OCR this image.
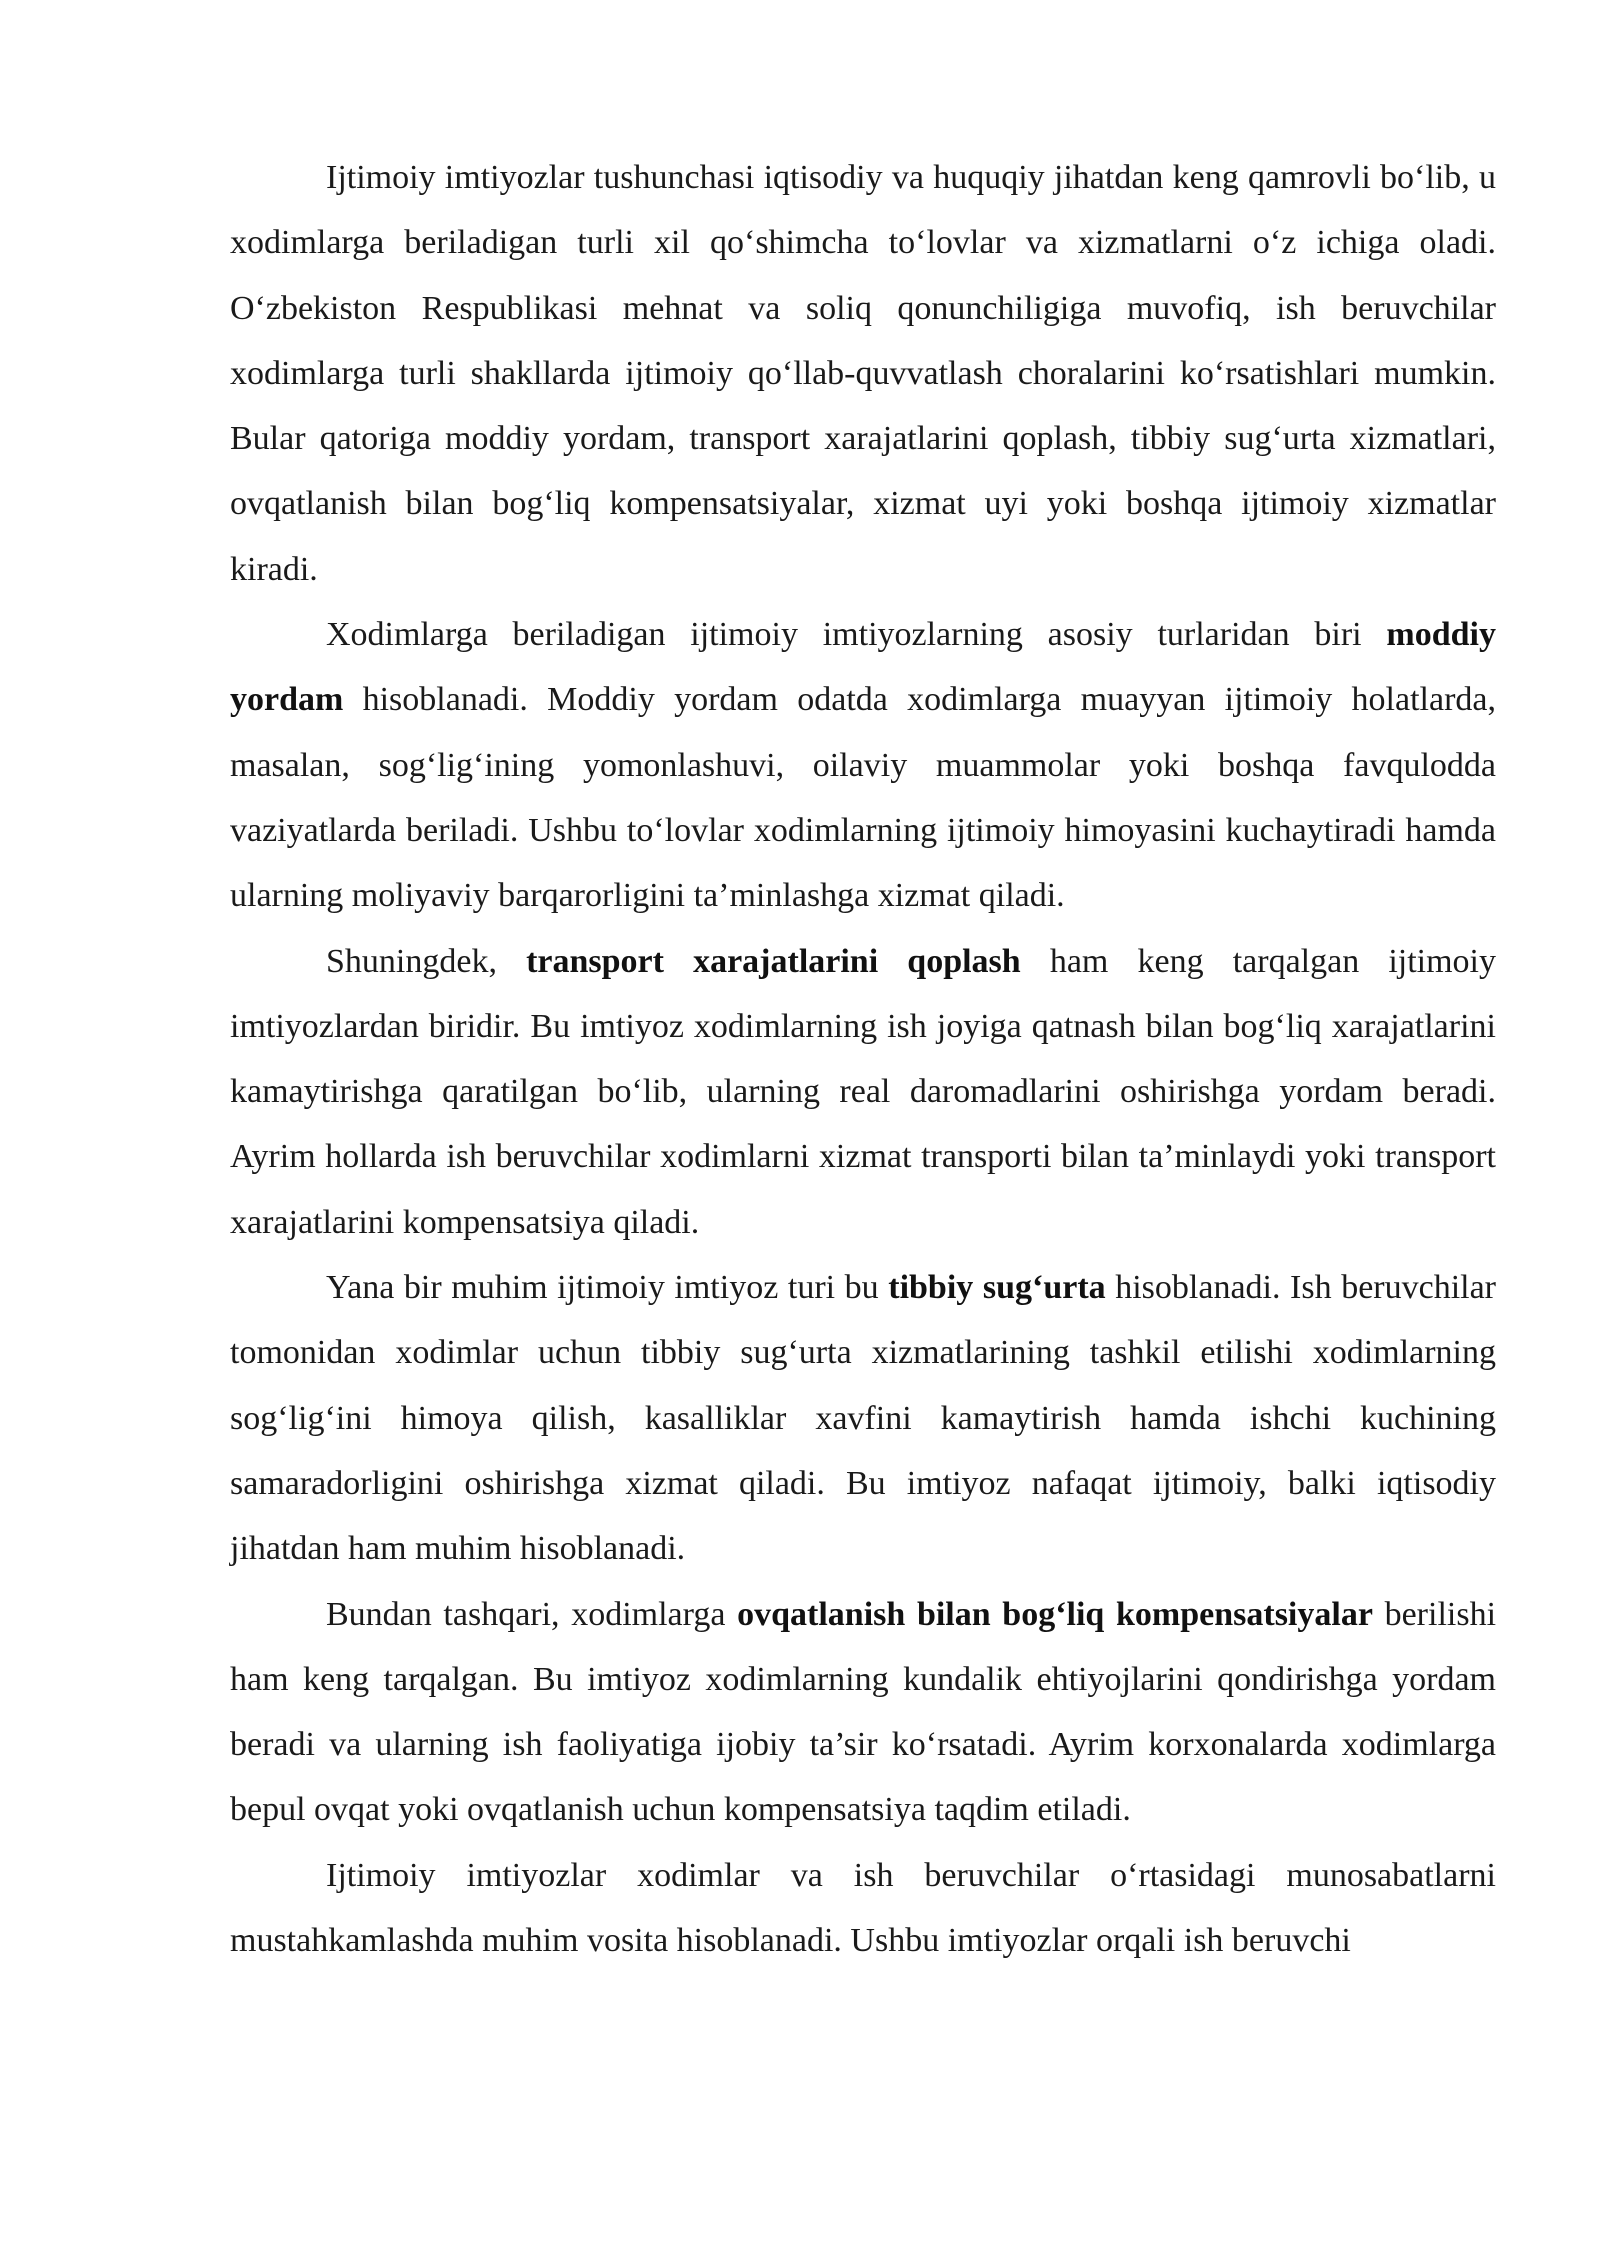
Ijtimoiy imtiyozlar tushunchasi iqtisodiy va huquqiy jihatdan keng qamrovli bo‘lib, u xodimlarga beriladigan turli xil qo‘shimcha to‘lovlar va xizmatlarni o‘z ichiga oladi. O‘zbekiston Respublikasi mehnat va soliq qonunchiligiga muvofiq, ish beruvchilar xodimlarga turli shakllarda ijtimoiy qo‘llab-quvvatlash choralarini ko‘rsatishlari mumkin. Bular qatoriga moddiy yordam, transport xarajatlarini qoplash, tibbiy sug‘urta xizmatlari, ovqatlanish bilan bog‘liq kompensatsiyalar, xizmat uyi yoki boshqa ijtimoiy xizmatlar kiradi.

Xodimlarga beriladigan ijtimoiy imtiyozlarning asosiy turlaridan biri moddiy yordam hisoblanadi. Moddiy yordam odatda xodimlarga muayyan ijtimoiy holatlarda, masalan, sog‘lig‘ining yomonlashuvi, oilaviy muammolar yoki boshqa favqulodda vaziyatlarda beriladi. Ushbu to‘lovlar xodimlarning ijtimoiy himoyasini kuchaytiradi hamda ularning moliyaviy barqarorligini ta’minlashga xizmat qiladi.

Shuningdek, transport xarajatlarini qoplash ham keng tarqalgan ijtimoiy imtiyozlardan biridir. Bu imtiyoz xodimlarning ish joyiga qatnash bilan bog‘liq xarajatlarini kamaytirishga qaratilgan bo‘lib, ularning real daromadlarini oshirishga yordam beradi. Ayrim hollarda ish beruvchilar xodimlarni xizmat transporti bilan ta’minlaydi yoki transport xarajatlarini kompensatsiya qiladi.

Yana bir muhim ijtimoiy imtiyoz turi bu tibbiy sug‘urta hisoblanadi. Ish beruvchilar tomonidan xodimlar uchun tibbiy sug‘urta xizmatlarining tashkil etilishi xodimlarning sog‘lig‘ini himoya qilish, kasalliklar xavfini kamaytirish hamda ishchi kuchining samaradorligini oshirishga xizmat qiladi. Bu imtiyoz nafaqat ijtimoiy, balki iqtisodiy jihatdan ham muhim hisoblanadi.

Bundan tashqari, xodimlarga ovqatlanish bilan bog‘liq kompensatsiyalar berilishi ham keng tarqalgan. Bu imtiyoz xodimlarning kundalik ehtiyojlarini qondirishga yordam beradi va ularning ish faoliyatiga ijobiy ta’sir ko‘rsatadi. Ayrim korxonalarda xodimlarga bepul ovqat yoki ovqatlanish uchun kompensatsiya taqdim etiladi.

Ijtimoiy imtiyozlar xodimlar va ish beruvchilar o‘rtasidagi munosabatlarni mustahkamlashda muhim vosita hisoblanadi. Ushbu imtiyozlar orqali ish beruvchi
